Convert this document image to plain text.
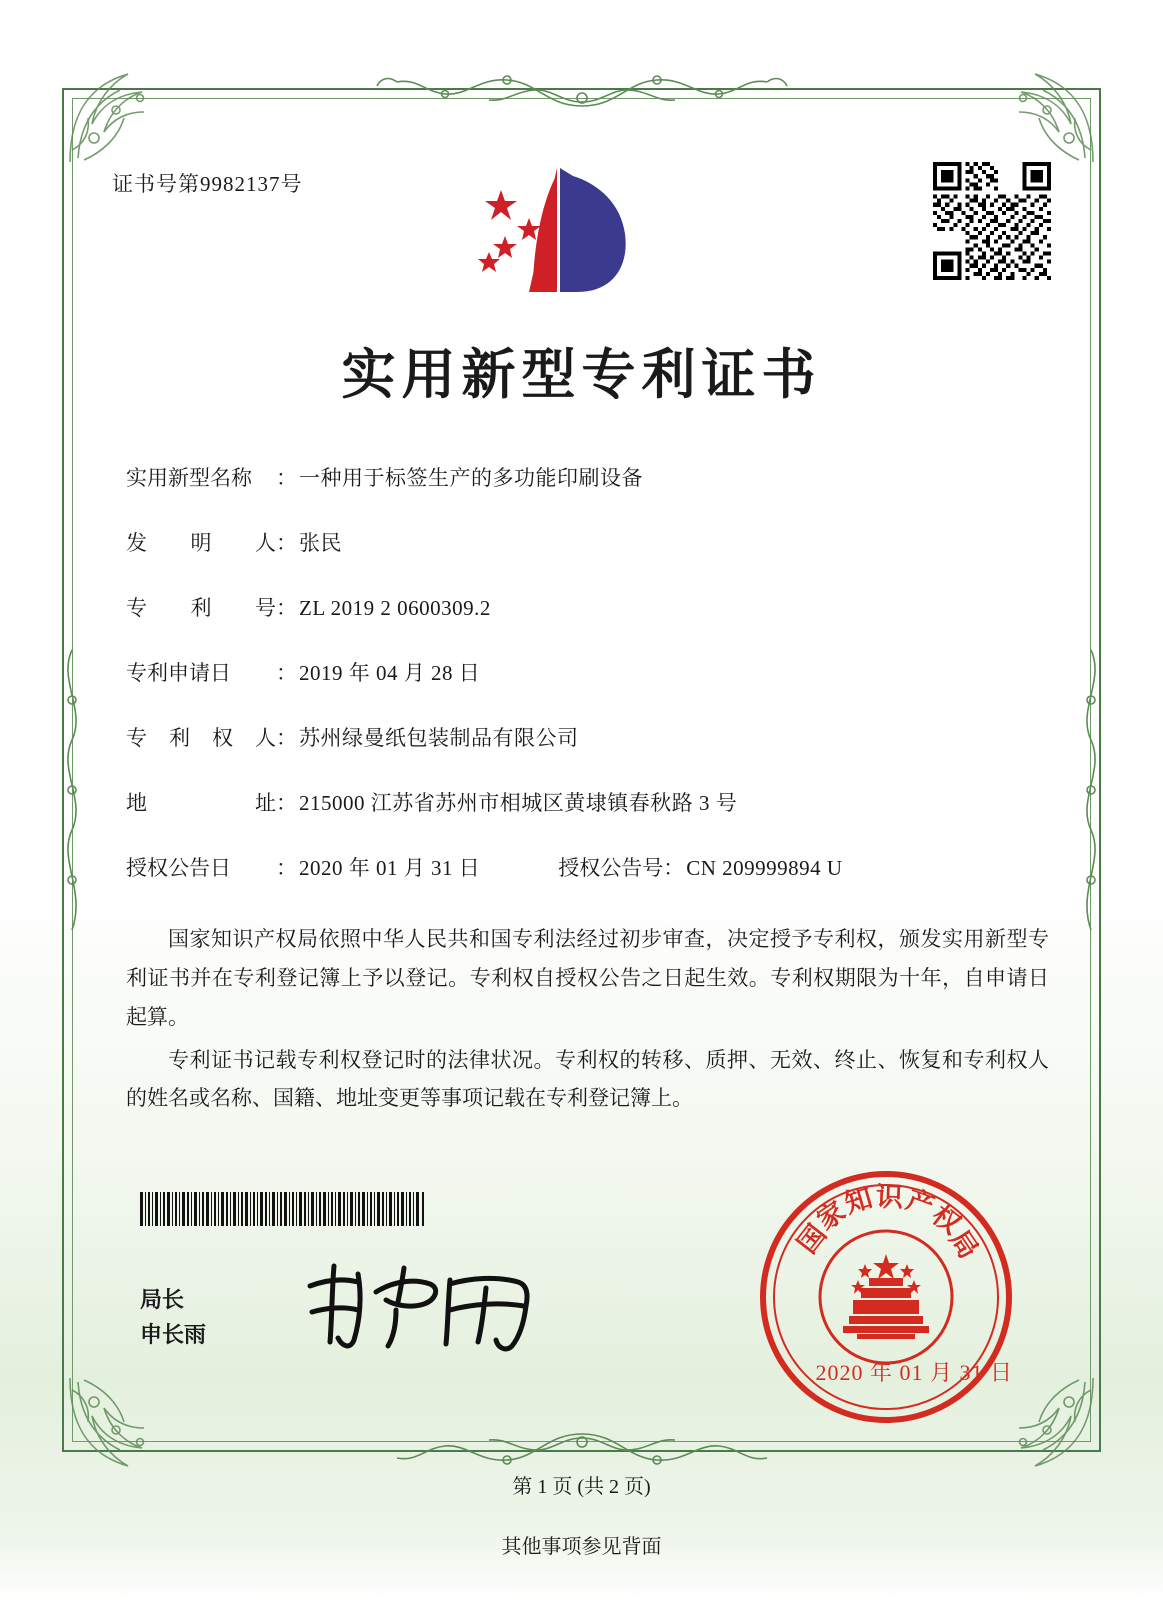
证书号第9982137号
实用新型专利证书
实用新型名称	： 一种用于标签生产的多功能印刷设备
发 明 人 ： 张民
专 利 号 ： ZL 2019 2 0600309.2
专利申请日	： 2019 年 04 月 28 日
专 利 权 人 ： 苏州绿曼纸包装制品有限公司
地	址 ： 215000 江苏省苏州市相城区黄埭镇春秋路 3 号
授权公告日	： 2020 年 01 月 31 日	授权公告号 ： CN 209999894 U

国家知识产权局依照中华人民共和国专利法经过初步审查，决定授予专利权，颁发实用新型专利证书并在专利登记簿上予以登记。专利权自授权公告之日起生效。专利权期限为十年，自申请日起算。

专利证书记载专利权登记时的法律状况。专利权的转移、质押、无效、终止、恢复和专利权人的姓名或名称、国籍、地址变更等事项记载在专利登记簿上。

局长
申长雨
国
家
知 识
产
权
局
2020 年 01 月 31 日
第 1 页 (共 2 页)
其他事项参见背面
